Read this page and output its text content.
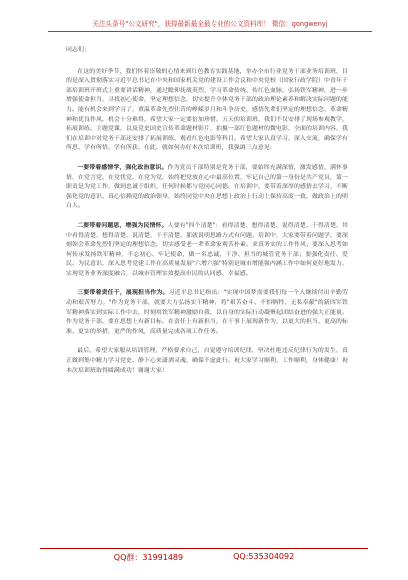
关注头条号"公文研究"，获得最新最全最专业的公文资料库！ 微信：gongwenyj

同志们：

在这的美好季节，我们怀着崇敬的心情来到红色教育实践基地，举办全市行业党务干部业务培训班，目的是深入贯彻落实习近平总书记在中央和国家机关党的建设工作会议和中央党校（国家行政学院）中青年干部培训班开班式上重要讲话精神，通过瞻仰抚战英烈、学习革命传统、传红色血脉、弘扬铁军精神，进一步增强使命担当，寻找初心使命，坚定理想信念，切实提升全体党务干部的政治理论素养和解决实际问题的能力。能有机会来到学习了，重温革命先烈往昔的峥嵘岁月和斗争历史，感悟先辈们坚定的理想信念、革命精神和优良作风，机会十分难得，希望大家一定要倍加珍惜。五天的培训班，我们不仅安排了现场参观教学，拓展训练、主题党课，以及党史国史宣传革命题材影片，拍摄一部红色题材的微电影，全面的培训内容，我们在培训中对党务干部还安排了拓展训练、观看红色电影等科目。希望大家认真学习，深入交流，确保学有所思、学有所悟、学有所获。在此，就如何办好本次培训班，我强调三点意见：

一要带着感情学，强化政治意识。作为党员干部特别是党务干部，要始终充满深情，激发感情，满怀事情，在党言党、在党忧党、在党为党，始终把党放在心中最高位置，牢记自己的第一身份是共产党员，第一职责是为党工作，做到忠诚于组织，任何时候都与党同心同德。在培训中，要带着深厚的感情去学习，不断强化党的意识。真心信赖党的政治领导，始终同党中央在思想上政治上行动上保持高度一致，做政治上的明白人。

二要带着问题思，增强为民情怀。人要有"四个清楚"：看得清楚、想得清楚、说得清楚、干得清楚，其中看得清楚、想得清楚、说清楚，干不清楚，那就说明思路方式有问题。培训中，大家要带着问题学，要深刻领会革命先烈们坚定的理想信念，切实感受老一辈革命家观苦朴素、求真务实的工作作风；要深入思考如何传承发扬铁军精神，不忘初心、牢记使命，做一名忠诚、干净、担当的城管党务干部；要强化责任、爱民、为民意识，深入思考党建工作在高质量发展"六增六强"特别是城市增能强内涵工作中如何更好地发力，实现党务业务深度融合，以城市管理实效提高市民的认同感、幸福感。

三要带着责任干，展现担当作为。习近平总书记指出："实现中国梦需要我们每一个人继续付出辛勤劳动和艰苦努力。"作为党务干部，就要大力弘扬实干精神，将"艰苦奋斗、不怕牺牲、无私奉献"的新四军铁军精神落实到实际工作中去，时刻用铁军精神激励自我，以自身的实际行动凝聚起团结奋进的强大正能量。作为党务干部，要在思想上有新目标，在责任上有新担当，在干事上展现新作为，以更大的担当、更高的标准、更实的举措，更严的作风，高质量完成各项工作任务。

最后，希望大家服从培训管理，严格要求自己，自觉遵守培训纪律，坚决杜绝违反纪律行为的发生，真正做到集中精力学习党史、静下心来潇洒灵魂，确保不虚此行。祝大家学习顺利，工作顺利，身体健康！祝本次培训班取得圆满成功！谢谢大家！

QQ群：31991489	QQ:535304092
